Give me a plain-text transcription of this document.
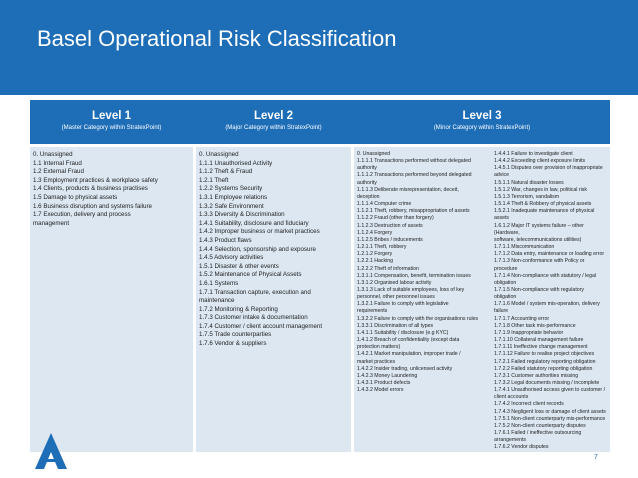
Basel Operational Risk Classification
Level 1
(Master Category within StratexPoint)
Level 2
(Major Category within StratexPoint)
Level 3
(Minor Category within StratexPoint)
0. Unassigned
1.1 Internal Fraud
1.2 External Fraud
1.3 Employment practices & workplace safety
1.4 Clients, products & business practises
1.5 Damage to physical assets
1.6 Business disruption and systems failure
1.7 Execution, delivery and process
management
0. Unassigned
1.1.1 Unauthorised Activity
1.1.2 Theft & Fraud
1.2.1 Theft
1.2.2 Systems Security
1.3.1 Employee relations
1.3.2 Safe Environment
1.3.3 Diversity & Discrimination
1.4.1 Suitability, disclosure and fiduciary
1.4.2 Improper business or market practices
1.4.3 Product flaws
1.4.4 Selection, sponsorship and exposure
1.4.5 Advisory activities
1.5.1 Disaster & other events
1.5.2 Maintenance of Physical Assets
1.6.1 Systems
1.7.1 Transaction capture, execution and
maintenance
1.7.2 Monitoring & Reporting
1.7.3 Customer intake & documentation
1.7.4 Customer / client account management
1.7.5 Trade counterparties
1.7.6 Vendor & suppliers
0. Unassigned
1.1.1.1 Transactions performed without delegated
authority
1.1.1.2 Transactions performed beyond delegated
authority
1.1.1.3 Deliberate misrepresentation, deceit,
deception
1.1.1.4 Computer crime
1.1.2.1 Theft, robbery, misappropriation of assets
1.1.2.2 Fraud (other than forgery)
1.1.2.3 Destruction of assets
1.1.2.4 Forgery
1.1.2.5 Bribes / inducements
1.2.1.1 Theft, robbery
1.2.1.2 Forgery
1.2.2.1 Hacking
1.2.2.2 Theft of information
1.3.1.1 Compensation, benefit, termination issues
1.3.1.2 Organised labour activity
1.3.1.3 Lack of suitable employees, loss of key
personnel, other personnel issues
1.3.2.1 Failure to comply with legislative
requirements
1.3.2.2 Failure to comply with the organisations rules
1.3.3.1 Discrimination of all types
1.4.1.1 Suitability / disclosure (e.g KYC)
1.4.1.2 Breach of confidentiality (except data
protection matters)
1.4.2.1 Market manipulation, improper trade /
market practices
1.4.2.2 Insider trading, unlicensed activity
1.4.2.3 Money Laundering
1.4.3.1 Product defects
1.4.3.2 Model errors
1.4.4.1 Failure to investigate client
1.4.4.2 Exceeding client exposure limits
1.4.5.1 Disputes over provision of inappropriate
advice
1.5.1.1 Natural disaster losses
1.5.1.2 War, changes in law, political risk
1.5.1.3 Terrorism, vandalism
1.5.1.4 Theft & Robbery of physical assets
1.5.2.1 Inadequate maintenance of physical assets
1.6.1.2 Major IT systems failure – other (Hardware,
software, telecommunications utilities)
1.7.1.1 Miscommunication
1.7.1.2 Data entry, maintenance or loading error
1.7.1.3 Non-conformance with Policy or procedure
1.7.1.4 Non-compliance with statutory / legal
obligation
1.7.1.5 Non-compliance with regulatory obligation
1.7.1.6 Model / system mis-operation, delivery
failure
1.7.1.7 Accounting error
1.7.1.8 Other task mis-performance
1.7.1.9 Inappropriate behavior
1.7.1.10 Collateral management failure
1.7.1.11 Ineffective change management
1.7.1.12 Failure to realise project objectives
1.7.2.1 Failed regulatory reporting obligation
1.7.2.2 Failed statutory reporting obligation
1.7.3.1 Customer authorities missing
1.7.3.2 Legal documents missing / incomplete
1.7.4.1 Unauthorised access given to customer /
client accounts
1.7.4.2 Incorrect client records
1.7.4.3 Negligent loss or damage of client assets
1.7.5.1 Non-client counterparty mis-performance
1.7.5.2 Non-client counterparty disputes
1.7.6.1 Failed / ineffective outsourcing arrangements
1.7.6.2 Vendor disputes
7
